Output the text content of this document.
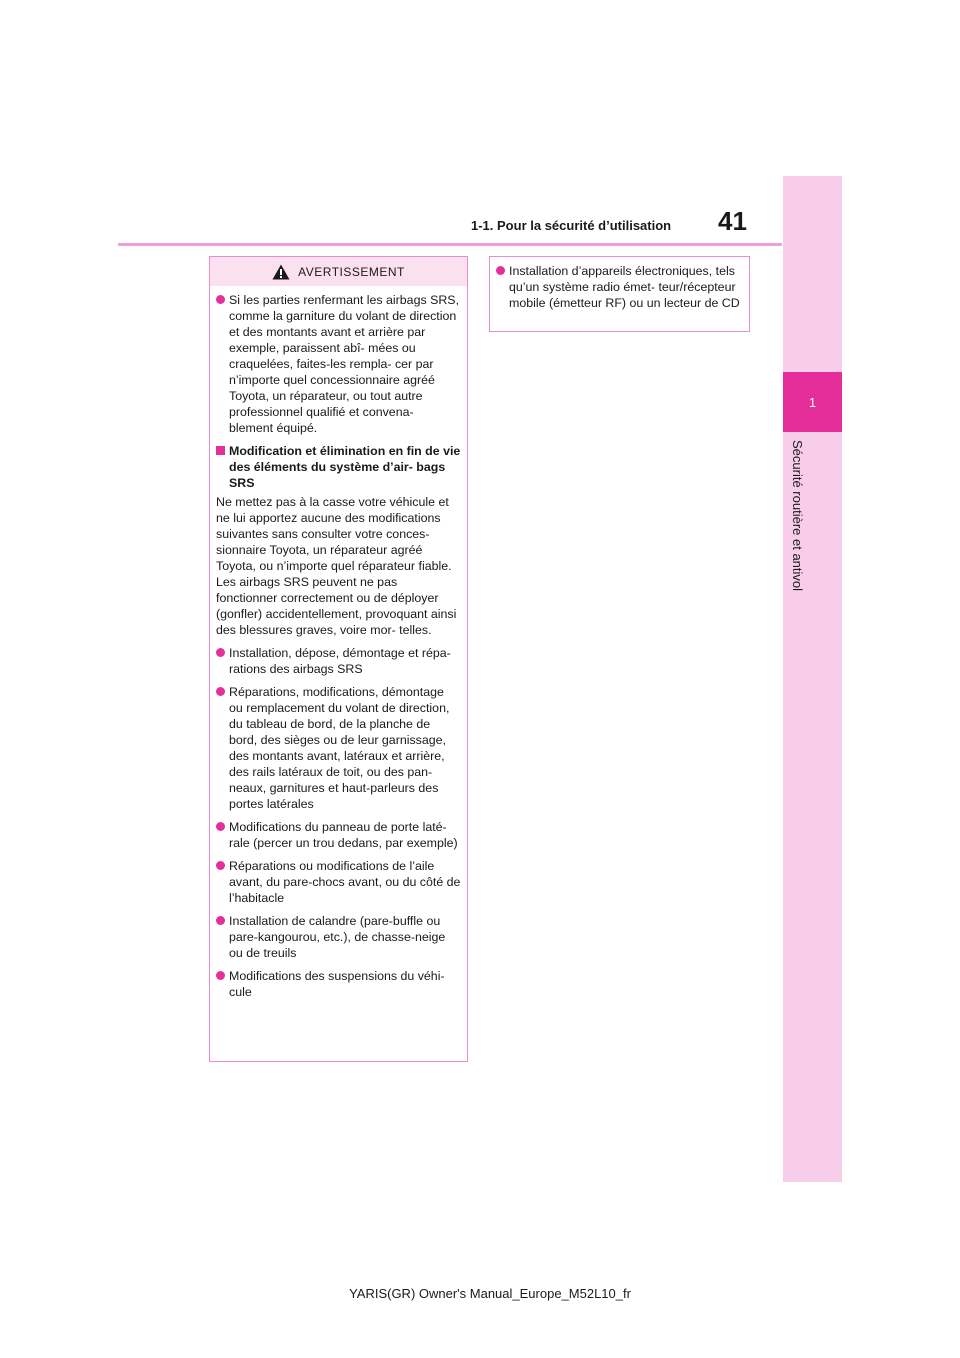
1-1. Pour la sécurité d’utilisation 41
1
Sécurité routière et antivol
AVERTISSEMENT
Si les parties renfermant les airbags SRS, comme la garniture du volant de direction et des montants avant et arrière par exemple, paraissent abî- mées ou craquelées, faites-les rempla- cer par n’importe quel concessionnaire agréé Toyota, un réparateur, ou tout autre professionnel qualifié et convena- blement équipé.
Modification et élimination en fin de vie des éléments du système d’air- bags SRS
Ne mettez pas à la casse votre véhicule et ne lui apportez aucune des modifications suivantes sans consulter votre conces- sionnaire Toyota, un réparateur agréé Toyota, ou n’importe quel réparateur fiable. Les airbags SRS peuvent ne pas fonctionner correctement ou de déployer (gonfler) accidentellement, provoquant ainsi des blessures graves, voire mor- telles.
Installation, dépose, démontage et répa- rations des airbags SRS
Réparations, modifications, démontage ou remplacement du volant de direction, du tableau de bord, de la planche de bord, des sièges ou de leur garnissage, des montants avant, latéraux et arrière, des rails latéraux de toit, ou des pan- neaux, garnitures et haut-parleurs des portes latérales
Modifications du panneau de porte laté- rale (percer un trou dedans, par exemple)
Réparations ou modifications de l’aile avant, du pare-chocs avant, ou du côté de l’habitacle
Installation de calandre (pare-buffle ou pare-kangourou, etc.), de chasse-neige ou de treuils
Modifications des suspensions du véhi- cule
Installation d’appareils électroniques, tels qu’un système radio émet- teur/récepteur mobile (émetteur RF) ou un lecteur de CD
YARIS(GR) Owner's Manual_Europe_M52L10_fr
